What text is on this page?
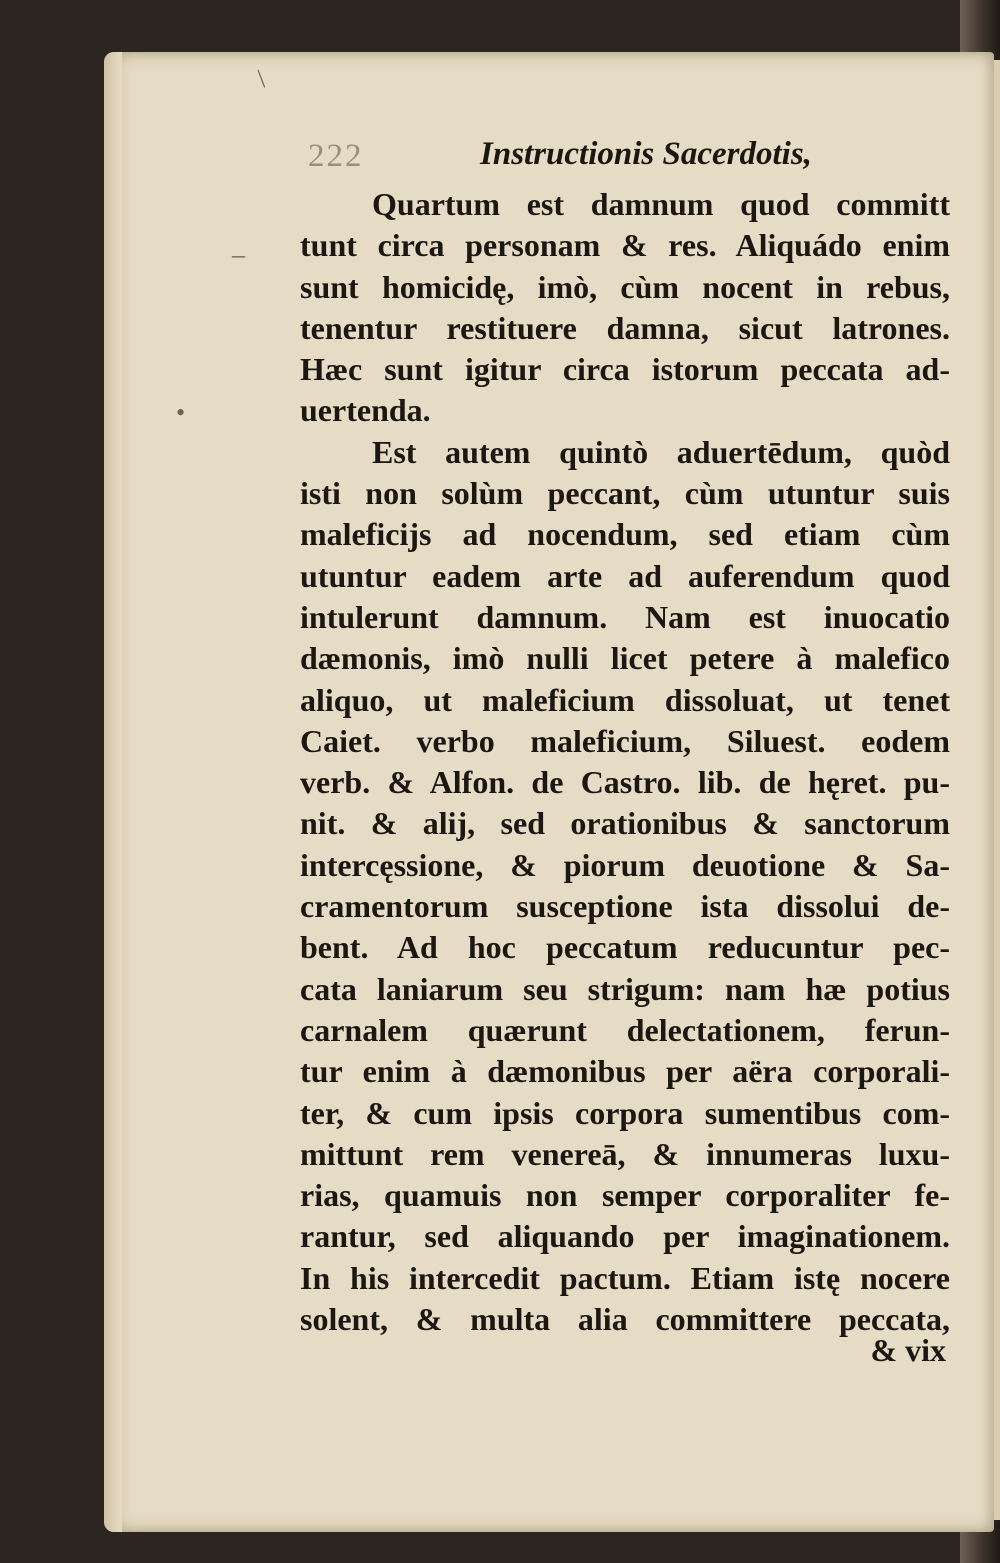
222	Instructionis Sacerdotis,
Quartum est damnum quod committ
tunt circa personam & res. Aliquádo enim
sunt homicidę, imò, cùm nocent in rebus,
tenentur restituere damna, sicut latrones.
Hæc sunt igitur circa istorum peccata ad-
uertenda.
Est autem quintò aduertēdum, quòd
isti non solùm peccant, cùm utuntur suis
maleficijs ad nocendum, sed etiam cùm
utuntur eadem arte ad auferendum quod
intulerunt damnum. Nam est inuocatio
dæmonis, imò nulli licet petere à malefico
aliquo, ut maleficium dissoluat, ut tenet
Caiet. verbo maleficium, Siluest. eodem
verb. & Alfon. de Castro. lib. de hęret. pu-
nit. & alij, sed orationibus & sanctorum
intercęssione, & piorum deuotione & Sa-
cramentorum susceptione ista dissolui de-
bent. Ad hoc peccatum reducuntur pec-
cata laniarum seu strigum: nam hæ potius
carnalem quærunt delectationem, ferun-
tur enim à dæmonibus per aëra corporali-
ter, & cum ipsis corpora sumentibus com-
mittunt rem venereā, & innumeras luxu-
rias, quamuis non semper corporaliter fe-
rantur, sed aliquando per imaginationem.
In his intercedit pactum. Etiam istę nocere
solent, & multa alia committere peccata,
& vix
/
•
–
